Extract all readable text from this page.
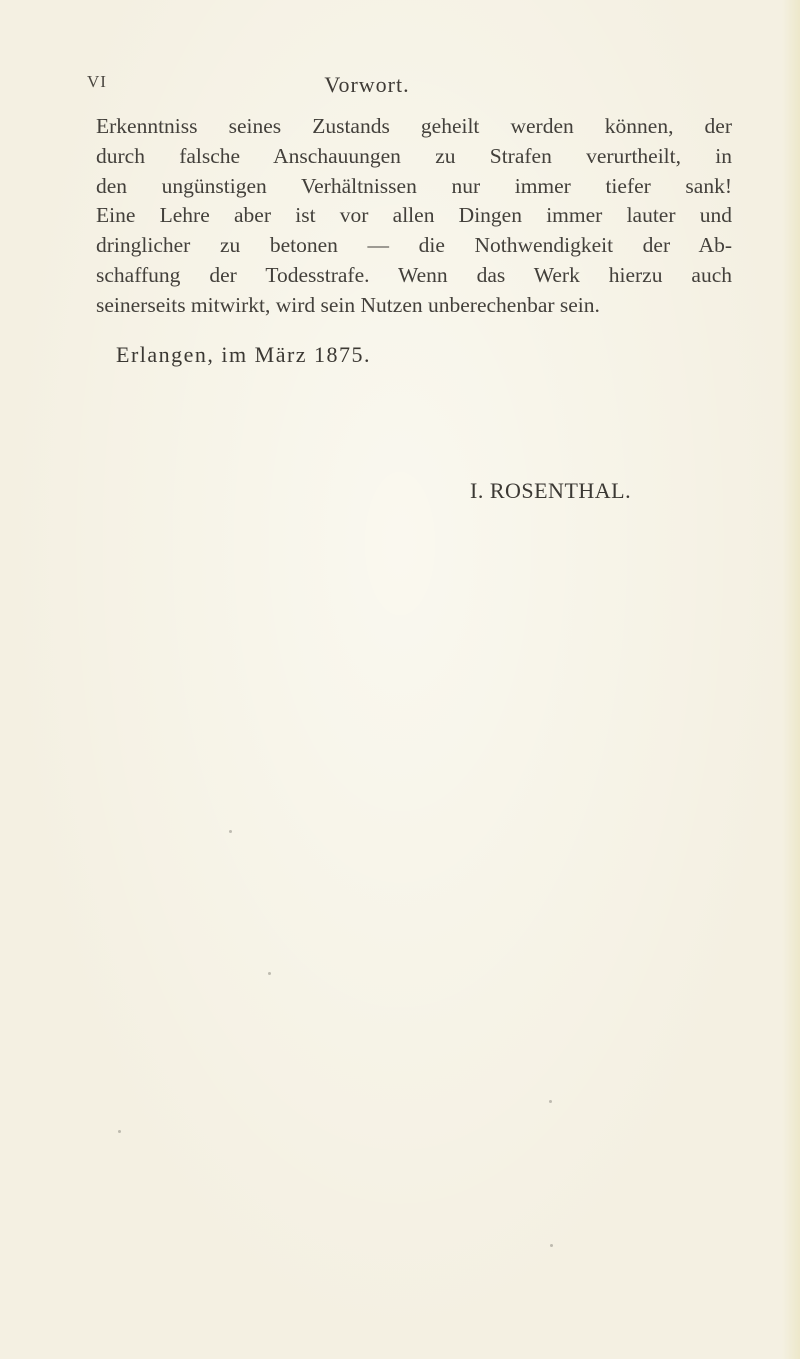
VI	Vorwort.
Erkenntniss seines Zustands geheilt werden können, der
durch falsche Anschauungen zu Strafen verurtheilt, in
den ungünstigen Verhältnissen nur immer tiefer sank!
Eine Lehre aber ist vor allen Dingen immer lauter und
dringlicher zu betonen — die Nothwendigkeit der Ab-
schaffung der Todesstrafe. Wenn das Werk hierzu auch
seinerseits mitwirkt, wird sein Nutzen unberechenbar sein.
Erlangen, im März 1875.
I. ROSENTHAL.
